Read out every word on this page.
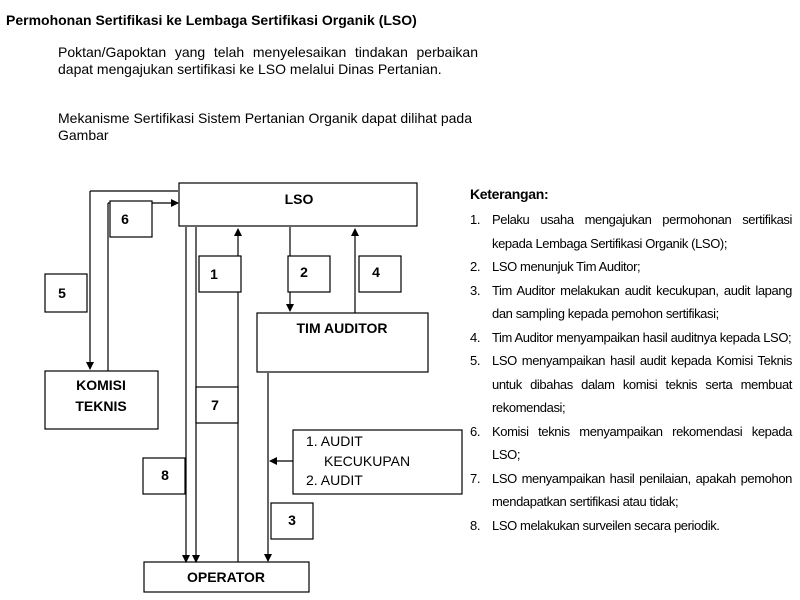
Permohonan Sertifikasi ke Lembaga Sertifikasi Organik (LSO)
Poktan/Gapoktan yang telah menyelesaikan tindakan perbaikan dapat mengajukan sertifikasi ke LSO melalui Dinas Pertanian.
Mekanisme Sertifikasi Sistem Pertanian Organik dapat dilihat pada Gambar
LSO
TIM AUDITOR
KOMISI
TEKNIS
OPERATOR
6
5
1	2	4
7
8
3
1. AUDIT
KECUKUPAN
2. AUDIT
Keterangan:
1. Pelaku usaha mengajukan permohonan sertifikasi kepada Lembaga Sertifikasi Organik (LSO);
2. LSO menunjuk Tim Auditor;
3. Tim Auditor melakukan audit kecukupan, audit lapang dan sampling kepada pemohon sertifikasi;
4. Tim Auditor menyampaikan hasil auditnya kepada LSO;
5. LSO menyampaikan hasil audit kepada Komisi Teknis untuk dibahas dalam komisi teknis serta membuat rekomendasi;
6. Komisi teknis menyampaikan rekomendasi kepada LSO;
7. LSO menyampaikan hasil penilaian, apakah pemohon mendapatkan sertifikasi atau tidak;
8. LSO melakukan surveilen secara periodik.
